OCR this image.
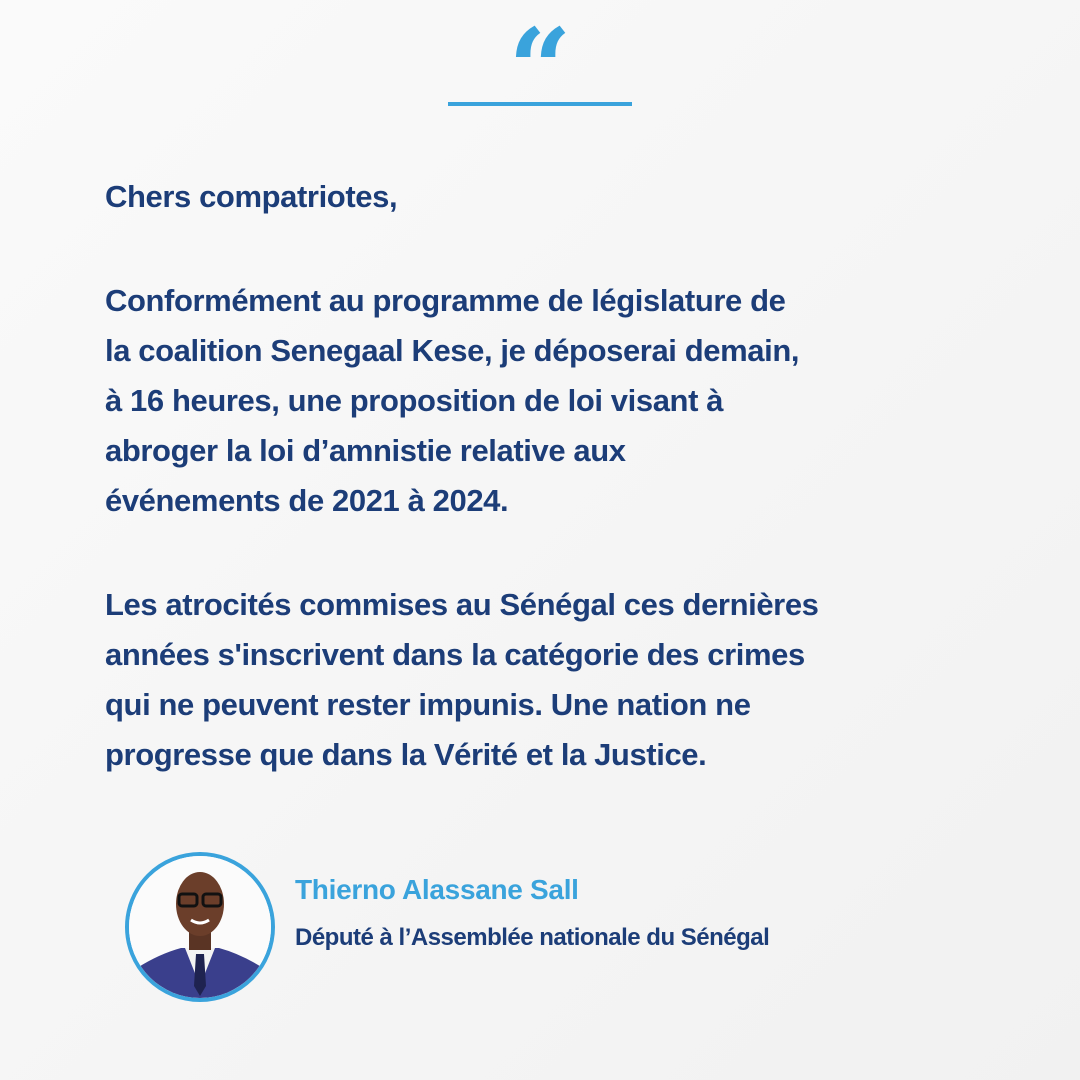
“
Chers compatriotes,
Conformément au programme de législature de
la coalition Senegaal Kese, je déposerai demain,
à 16 heures, une proposition de loi visant à
abroger la loi d’amnistie relative aux
événements de 2021 à 2024.
Les atrocités commises au Sénégal ces dernières
années s'inscrivent dans la catégorie des crimes
qui ne peuvent rester impunis. Une nation ne
progresse que dans la Vérité et la Justice.
Thierno Alassane Sall
Député à l’Assemblée nationale du Sénégal
